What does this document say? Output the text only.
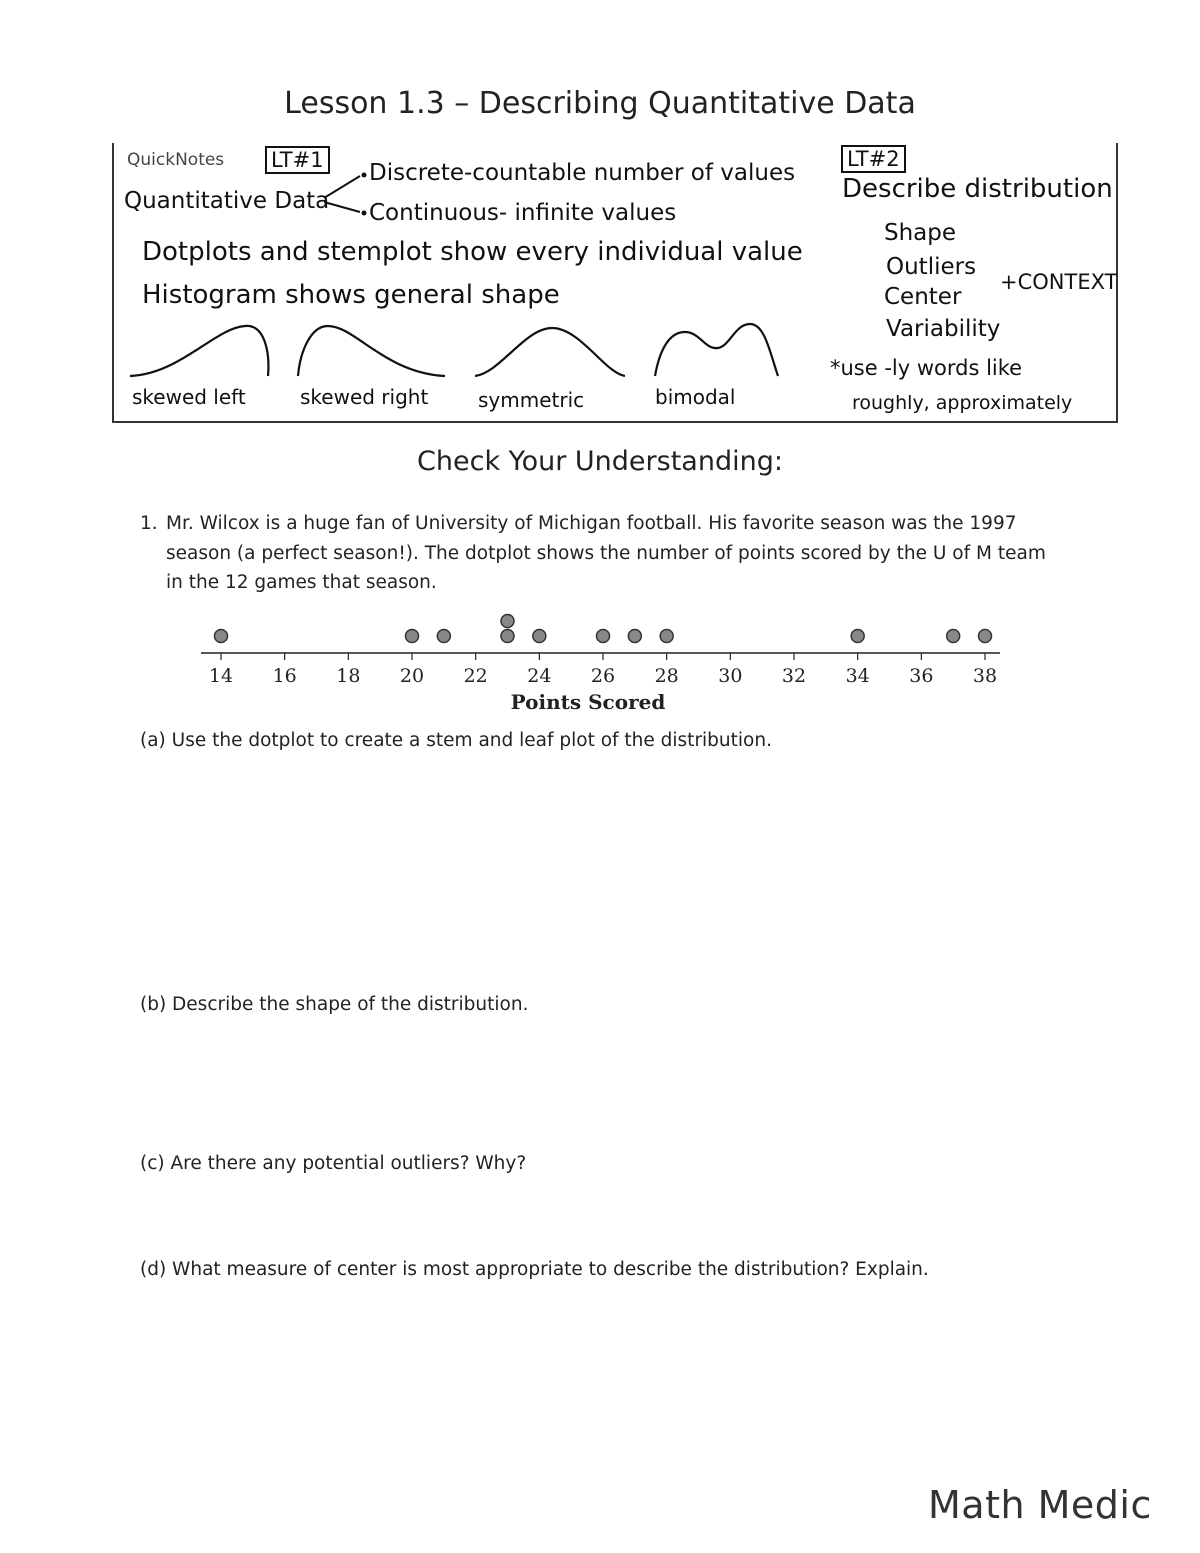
Lesson 1.3 – Describing Quantitative Data
QuickNotes LT#1	LT#2
Quantitative Data
Discrete-countable number of values
Continuous- infinite values
Dotplots and stemplot show every individual value
Histogram shows general shape
skewed left	skewed right symmetric	bimodal
Describe distribution
Shape
Outliers
Center
Variability
+CONTEXT
*use -ly words like
roughly, approximately
Check Your Understanding:
1. Mr. Wilcox is a huge fan of University of Michigan football. His favorite season was the 1997
season (a perfect season!). The dotplot shows the number of points scored by the U of M team
in the 12 games that season.
14 16 18 20 22 24 26 28 30 32 34 36 38
Points Scored
(a) Use the dotplot to create a stem and leaf plot of the distribution.
(b) Describe the shape of the distribution.
(c) Are there any potential outliers? Why?
(d) What measure of center is most appropriate to describe the distribution? Explain.
Math Medic
